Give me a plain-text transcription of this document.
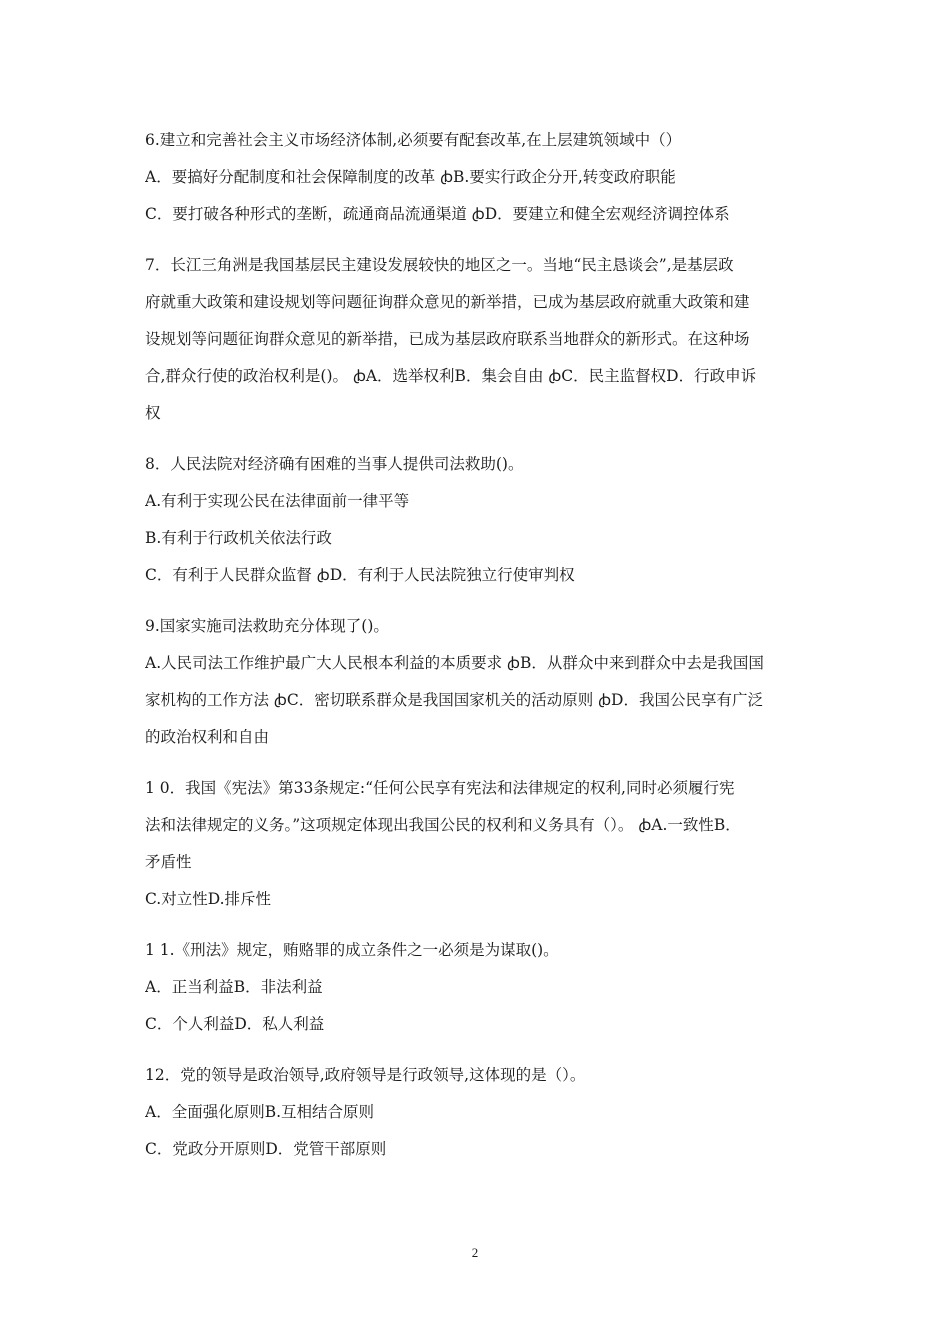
6.建立和完善社会主义市场经济体制,必须要有配套改革,在上层建筑领域中（）
A．要搞好分配制度和社会保障制度的改革 ꞗB.要实行政企分开,转变政府职能
C．要打破各种形式的垄断，疏通商品流通渠道 ꞗD．要建立和健全宏观经济调控体系
7．长江三角洲是我国基层民主建设发展较快的地区之一。当地“民主恳谈会”,是基层政
府就重大政策和建设规划等问题征询群众意见的新举措，已成为基层政府就重大政策和建
设规划等问题征询群众意见的新举措，已成为基层政府联系当地群众的新形式。在这种场
合,群众行使的政治权利是()。 ꞗA．选举权利B．集会自由 ꞗC．民主监督权D．行政申诉
权
8．人民法院对经济确有困难的当事人提供司法救助()。
A.有利于实现公民在法律面前一律平等
B.有利于行政机关依法行政
C．有利于人民群众监督 ꞗD．有利于人民法院独立行使审判权
9.国家实施司法救助充分体现了()。
A.人民司法工作维护最广大人民根本利益的本质要求 ꞗB．从群众中来到群众中去是我国国
家机构的工作方法 ꞗC．密切联系群众是我国国家机关的活动原则 ꞗD．我国公民享有广泛
的政治权利和自由
1 0．我国《宪法》第33条规定:“任何公民享有宪法和法律规定的权利,同时必须履行宪
法和法律规定的义务。”这项规定体现出我国公民的权利和义务具有（）。 ꞗA.一致性B．
矛盾性
C.对立性D.排斥性
1 1.《刑法》规定，贿赂罪的成立条件之一必须是为谋取()。
A．正当利益B．非法利益
C．个人利益D．私人利益
12．党的领导是政治领导,政府领导是行政领导,这体现的是（）。
A．全面强化原则B.互相结合原则
C．党政分开原则D．党管干部原则
2
